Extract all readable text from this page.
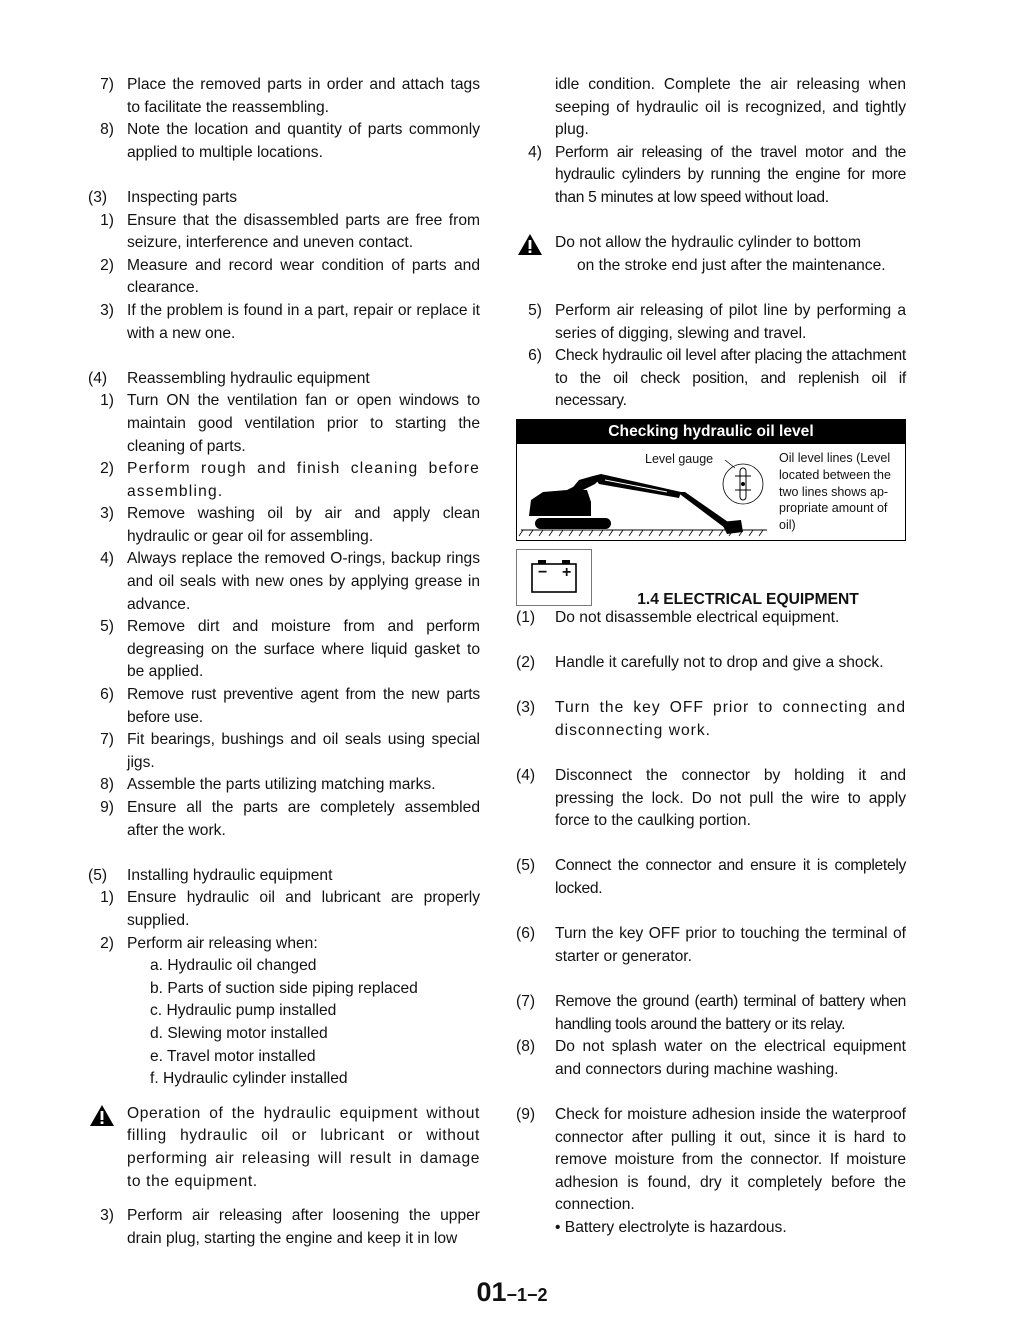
7) Place the removed parts in order and attach tags to facilitate the reassembling.
8) Note the location and quantity of parts commonly applied to multiple locations.
(3) Inspecting parts
1) Ensure that the disassembled parts are free from seizure, interference and uneven contact.
2) Measure and record wear condition of parts and clearance.
3) If the problem is found in a part, repair or replace it with a new one.
(4) Reassembling hydraulic equipment
1) Turn ON the ventilation fan or open windows to maintain good ventilation prior to starting the cleaning of parts.
2) Perform rough and finish cleaning before assembling.
3) Remove washing oil by air and apply clean hydraulic or gear oil for assembling.
4) Always replace the removed O-rings, backup rings and oil seals with new ones by applying grease in advance.
5) Remove dirt and moisture from and perform degreasing on the surface where liquid gasket to be applied.
6) Remove rust preventive agent from the new parts before use.
7) Fit bearings, bushings and oil seals using special jigs.
8) Assemble the parts utilizing matching marks.
9) Ensure all the parts are completely assembled after the work.
(5) Installing hydraulic equipment
1) Ensure hydraulic oil and lubricant are properly supplied.
2) Perform air releasing when:
a. Hydraulic oil changed
b. Parts of suction side piping replaced
c. Hydraulic pump installed
d. Slewing motor installed
e. Travel motor installed
f. Hydraulic cylinder installed
Operation of the hydraulic equipment without filling hydraulic oil or lubricant or without performing air releasing will result in damage to the equipment.
3) Perform air releasing after loosening the upper drain plug, starting the engine and keep it in low
idle condition. Complete the air releasing when seeping of hydraulic oil is recognized, and tightly plug.
4) Perform air releasing of the travel motor and the hydraulic cylinders by running the engine for more than 5 minutes at low speed without load.
Do not allow the hydraulic cylinder to bottom
on the stroke end just after the maintenance.
5) Perform air releasing of pilot line by performing a series of digging, slewing and travel.
6) Check hydraulic oil level after placing the attachment to the oil check position, and replenish oil if necessary.
Checking hydraulic oil level
Level gauge	Oil level lines (Level located between the two lines shows ap- propriate amount of oil)
− +
1.4 ELECTRICAL EQUIPMENT
(1) Do not disassemble electrical equipment.
(2) Handle it carefully not to drop and give a shock.
(3) Turn the key OFF prior to connecting and disconnecting work.
(4) Disconnect the connector by holding it and pressing the lock. Do not pull the wire to apply force to the caulking portion.
(5) Connect the connector and ensure it is completely locked.
(6) Turn the key OFF prior to touching the terminal of starter or generator.
(7) Remove the ground (earth) terminal of battery when handling tools around the battery or its relay.
(8) Do not splash water on the electrical equipment and connectors during machine washing.
(9) Check for moisture adhesion inside the waterproof connector after pulling it out, since it is hard to remove moisture from the connector. If moisture adhesion is found, dry it completely before the connection.
• Battery electrolyte is hazardous.
01−1−2
